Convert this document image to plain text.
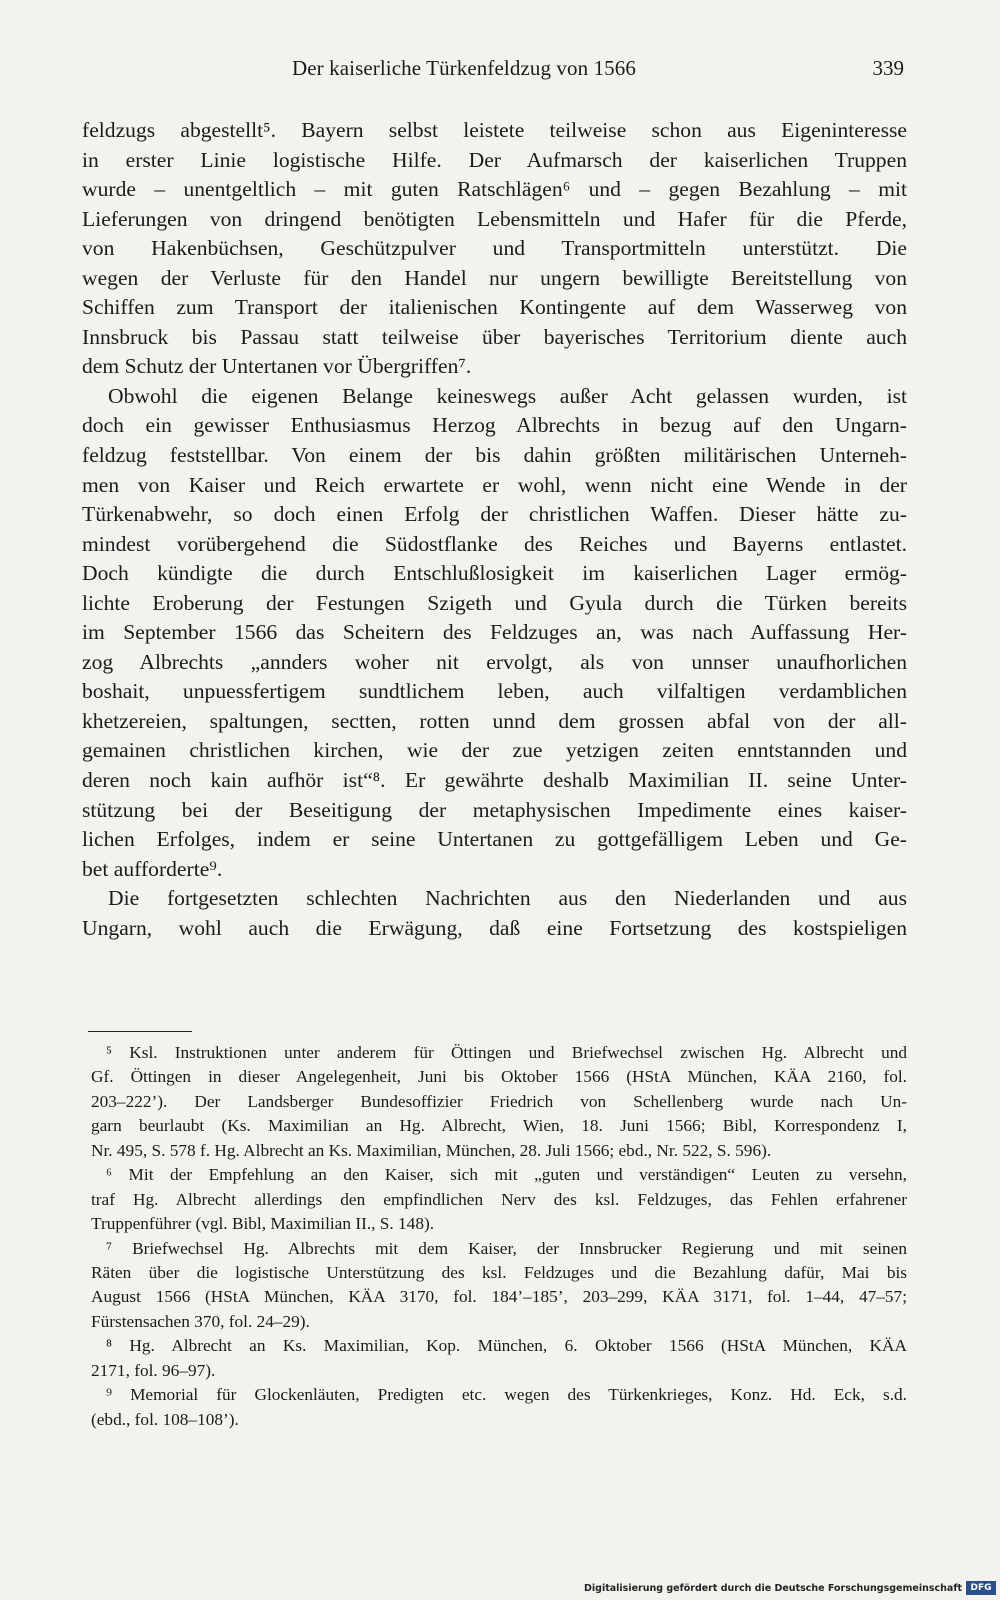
Der kaiserliche Türkenfeldzug von 1566	339
feldzugs abgestellt⁵. Bayern selbst leistete teilweise schon aus Eigeninteresse
in erster Linie logistische Hilfe. Der Aufmarsch der kaiserlichen Truppen
wurde – unentgeltlich – mit guten Ratschlägen⁶ und – gegen Bezahlung – mit
Lieferungen von dringend benötigten Lebensmitteln und Hafer für die Pferde,
von Hakenbüchsen, Geschützpulver und Transportmitteln unterstützt. Die
wegen der Verluste für den Handel nur ungern bewilligte Bereitstellung von
Schiffen zum Transport der italienischen Kontingente auf dem Wasserweg von
Innsbruck bis Passau statt teilweise über bayerisches Territorium diente auch
dem Schutz der Untertanen vor Übergriffen⁷.
Obwohl die eigenen Belange keineswegs außer Acht gelassen wurden, ist
doch ein gewisser Enthusiasmus Herzog Albrechts in bezug auf den Ungarn-
feldzug feststellbar. Von einem der bis dahin größten militärischen Unterneh-
men von Kaiser und Reich erwartete er wohl, wenn nicht eine Wende in der
Türkenabwehr, so doch einen Erfolg der christlichen Waffen. Dieser hätte zu-
mindest vorübergehend die Südostflanke des Reiches und Bayerns entlastet.
Doch kündigte die durch Entschlußlosigkeit im kaiserlichen Lager ermög-
lichte Eroberung der Festungen Szigeth und Gyula durch die Türken bereits
im September 1566 das Scheitern des Feldzuges an, was nach Auffassung Her-
zog Albrechts „annders woher nit ervolgt, als von unnser unaufhorlichen
boshait, unpuessfertigem sundtlichem leben, auch vilfaltigen verdamblichen
khetzereien, spaltungen, sectten, rotten unnd dem grossen abfal von der all-
gemainen christlichen kirchen, wie der zue yetzigen zeiten enntstannden und
deren noch kain aufhör ist“⁸. Er gewährte deshalb Maximilian II. seine Unter-
stützung bei der Beseitigung der metaphysischen Impedimente eines kaiser-
lichen Erfolges, indem er seine Untertanen zu gottgefälligem Leben und Ge-
bet aufforderte⁹.
Die fortgesetzten schlechten Nachrichten aus den Niederlanden und aus
Ungarn, wohl auch die Erwägung, daß eine Fortsetzung des kostspieligen
⁵ Ksl. Instruktionen unter anderem für Öttingen und Briefwechsel zwischen Hg. Albrecht und
Gf. Öttingen in dieser Angelegenheit, Juni bis Oktober 1566 (HStA München, KÄA 2160, fol.
203–222’). Der Landsberger Bundesoffizier Friedrich von Schellenberg wurde nach Un-
garn beurlaubt (Ks. Maximilian an Hg. Albrecht, Wien, 18. Juni 1566; Bibl, Korrespondenz I,
Nr. 495, S. 578 f. Hg. Albrecht an Ks. Maximilian, München, 28. Juli 1566; ebd., Nr. 522, S. 596).
⁶ Mit der Empfehlung an den Kaiser, sich mit „guten und verständigen“ Leuten zu versehn,
traf Hg. Albrecht allerdings den empfindlichen Nerv des ksl. Feldzuges, das Fehlen erfahrener
Truppenführer (vgl. Bibl, Maximilian II., S. 148).
⁷ Briefwechsel Hg. Albrechts mit dem Kaiser, der Innsbrucker Regierung und mit seinen
Räten über die logistische Unterstützung des ksl. Feldzuges und die Bezahlung dafür, Mai bis
August 1566 (HStA München, KÄA 3170, fol. 184’–185’, 203–299, KÄA 3171, fol. 1–44, 47–57;
Fürstensachen 370, fol. 24–29).
⁸ Hg. Albrecht an Ks. Maximilian, Kop. München, 6. Oktober 1566 (HStA München, KÄA
2171, fol. 96–97).
⁹ Memorial für Glockenläuten, Predigten etc. wegen des Türkenkrieges, Konz. Hd. Eck, s.d.
(ebd., fol. 108–108’).
Digitalisierung gefördert durch die Deutsche Forschungsgemeinschaft DFG
